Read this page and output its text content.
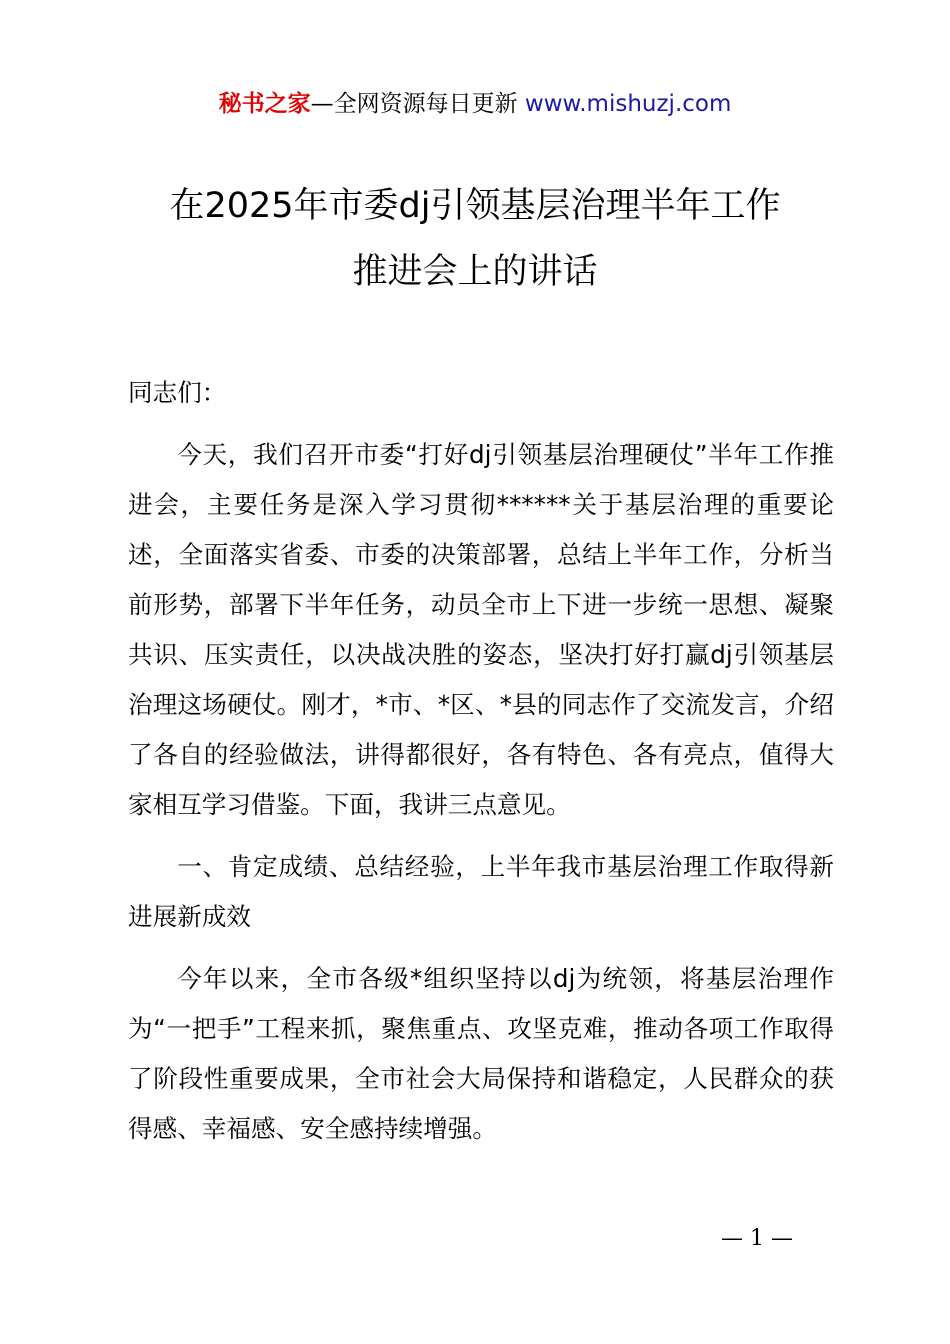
秘书之家—全网资源每日更新 www.mishuzj.com
在2025年市委dj引领基层治理半年工作
推进会上的讲话
同志们：

今天，我们召开市委“打好dj引领基层治理硬仗”半年工作推进会，主要任务是深入学习贯彻******关于基层治理的重要论述，全面落实省委、市委的决策部署，总结上半年工作，分析当前形势，部署下半年任务，动员全市上下进一步统一思想、凝聚共识、压实责任，以决战决胜的姿态，坚决打好打赢dj引领基层治理这场硬仗。刚才，*市、*区、*县的同志作了交流发言，介绍了各自的经验做法，讲得都很好，各有特色、各有亮点，值得大家相互学习借鉴。下面，我讲三点意见。

一、肯定成绩、总结经验，上半年我市基层治理工作取得新进展新成效

今年以来，全市各级*组织坚持以dj为统领，将基层治理作为“一把手”工程来抓，聚焦重点、攻坚克难，推动各项工作取得了阶段性重要成果，全市社会大局保持和谐稳定，人民群众的获得感、幸福感、安全感持续增强。

— 1 —
